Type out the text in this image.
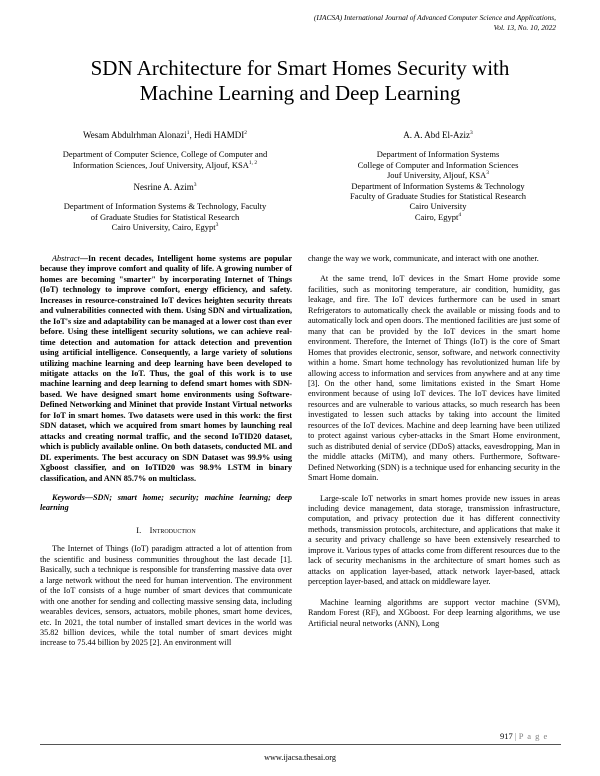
(IJACSA) International Journal of Advanced Computer Science and Applications,
Vol. 13, No. 10, 2022
SDN Architecture for Smart Homes Security with
Machine Learning and Deep Learning
Wesam Abdulrhman Alonazi$^1$, Hedi HAMDI$^2$
Department of Computer Science, College of Computer and
Information Sciences, Jouf University, Aljouf, KSA$^{1, 2}$
A. A. Abd El-Aziz$^3$
Department of Information Systems
College of Computer and Information Sciences
Jouf University, Aljouf, KSA$^3$
Department of Information Systems & Technology
Faculty of Graduate Studies for Statistical Research
Cairo University
Cairo, Egypt$^4$
Nesrine A. Azim$^3$
Department of Information Systems & Technology, Faculty
of Graduate Studies for Statistical Research
Cairo University, Cairo, Egypt$^3$

Abstract—In recent decades, Intelligent home systems are popular because they improve comfort and quality of life. A growing number of homes are becoming "smarter" by incorporating Internet of Things (IoT) technology to improve comfort, energy efficiency, and safety. Increases in resource-constrained IoT devices heighten security threats and vulnerabilities connected with them. Using SDN and virtualization, the IoT's size and adaptability can be managed at a lower cost than ever before. Using these intelligent security solutions, we can achieve real-time detection and automation for attack detection and prevention using artificial intelligence. Consequently, a large variety of solutions utilizing machine learning and deep learning have been developed to mitigate attacks on the IoT. Thus, the goal of this work is to use machine learning and deep learning to defend smart homes with SDN-based. We have designed smart home environments using Software-Defined Networking and Mininet that provide Instant Virtual networks for IoT in smart homes. Two datasets were used in this work: the first SDN dataset, which we acquired from smart homes by launching real attacks and creating normal traffic, and the second IoTID20 dataset, which is publicly available online. On both datasets, conducted ML and DL experiments. The best accuracy on SDN Dataset was 99.9% using Xgboost classifier, and on IoTID20 was 98.9% LSTM in binary classification, and ANN 85.7% on multiclass.

Keywords—SDN; smart home; security; machine learning; deep learning

I. Introduction

The Internet of Things (IoT) paradigm attracted a lot of attention from the scientific and business communities throughout the last decade [1]. Basically, such a technique is responsible for transferring massive data over a large network without the need for human intervention. The environment of the IoT consists of a huge number of smart devices that communicate with one another for sending and collecting massive sensing data, including wearables devices, sensors, actuators, mobile phones, smart home devices, etc. In 2021, the total number of installed smart devices in the world was 35.82 billion devices, while the total number of smart devices might increase to 75.44 billion by 2025 [2]. An environment will

change the way we work, communicate, and interact with one another.

At the same trend, IoT devices in the Smart Home provide some facilities, such as monitoring temperature, air condition, humidity, gas leakage, and fire. The IoT devices furthermore can be used in smart Refrigerators to automatically check the available or missing foods and to automatically lock and open doors. The mentioned facilities are just some of many that can be provided by the IoT devices in the smart home environment. Therefore, the Internet of Things (IoT) is the core of Smart Homes that provides electronic, sensor, software, and network connectivity within a home. Smart home technology has revolutionized human life by allowing access to information and services from anywhere and at any time [3]. On the other hand, some limitations existed in the Smart Home environment because of using IoT devices. The IoT devices have limited resources and are vulnerable to various attacks, so much research has been investigated to lessen such attacks by taking into account the limited resources of the IoT devices. Machine and deep learning have been utilized to protect against various cyber-attacks in the Smart Home environment, such as distributed denial of service (DDoS) attacks, eavesdropping, Man in the middle attacks (MiTM), and many others. Furthermore, Software-Defined Networking (SDN) is a technique used for enhancing security in the Smart Home domain.

Large-scale IoT networks in smart homes provide new issues in areas including device management, data storage, transmission infrastructure, computation, and privacy protection due it has different connectivity methods, transmission protocols, architecture, and applications that make it a security and privacy challenge so have been extensively researched to improve it. Various types of attacks come from different resources due to the lack of security mechanisms in the architecture of smart homes such as attacks on application layer-based, attack network layer-based, attack perception layer-based, and attack on middleware layer.

Machine learning algorithms are support vector machine (SVM), Random Forest (RF), and XGboost. For deep learning algorithms, we use Artificial neural networks (ANN), Long

917 | P a g e
www.ijacsa.thesai.org
